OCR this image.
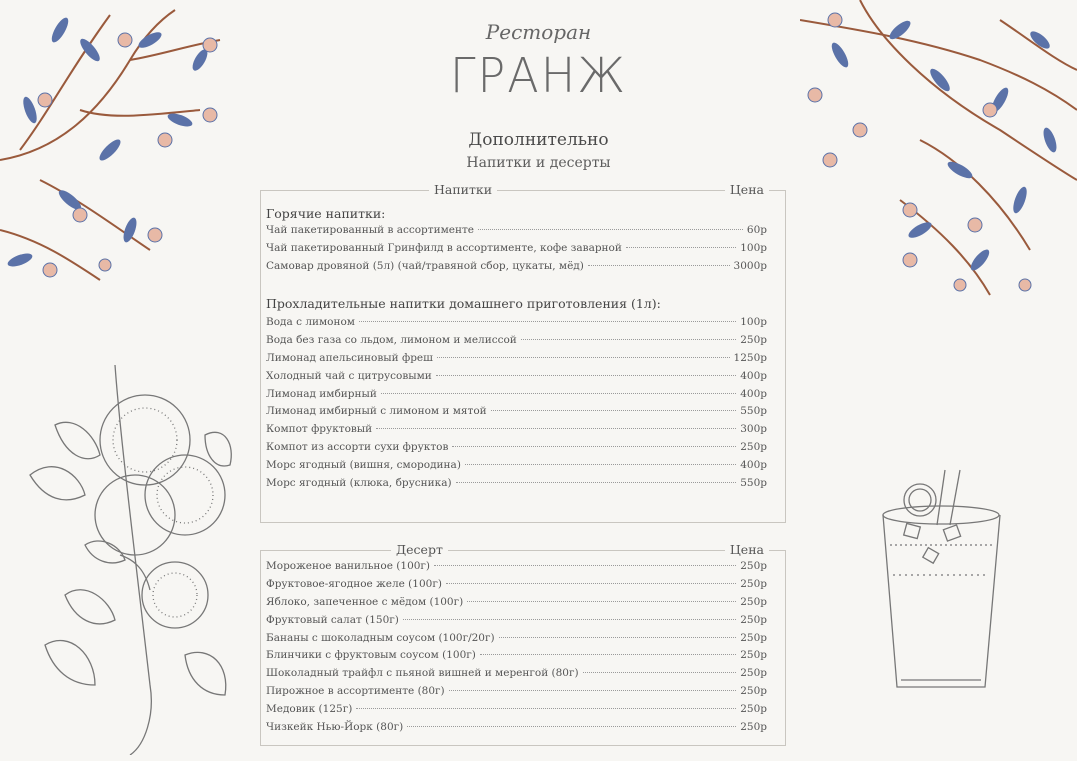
Ресторан
ГРАНЖ
Дополнительно
Напитки и десерты
Напитки	Цена
Горячие напитки:
Чай пакетированный в ассортименте	60р
Чай пакетированный Гринфилд в ассортименте, кофе заварной	100р
Самовар дровяной (5л) (чай/травяной сбор, цукаты, мёд)	3000р
Прохладительные напитки домашнего приготовления (1л):
Вода с лимоном	100р
Вода без газа со льдом, лимоном и мелиссой	250р
Лимонад апельсиновый фреш	1250р
Холодный чай с цитрусовыми	400р
Лимонад имбирный	400р
Лимонад имбирный с лимоном и мятой	550р
Компот фруктовый	300р
Компот из ассорти сухи фруктов	250р
Морс ягодный (вишня, смородина)	400р
Морс ягодный (клюка, брусника)	550р
Десерт	Цена
Мороженое ванильное (100г)	250р
Фруктовое-ягодное желе (100г)	250р
Яблоко, запеченное с мёдом (100г)	250р
Фруктовый салат (150г)	250р
Бананы с шоколадным соусом (100г/20г)	250р
Блинчики с фруктовым соусом (100г)	250р
Шоколадный трайфл с пьяной вишней и меренгой (80г)	250р
Пирожное в ассортименте (80г)	250р
Медовик (125г)	250р
Чизкейк Нью-Йорк (80г)	250р
